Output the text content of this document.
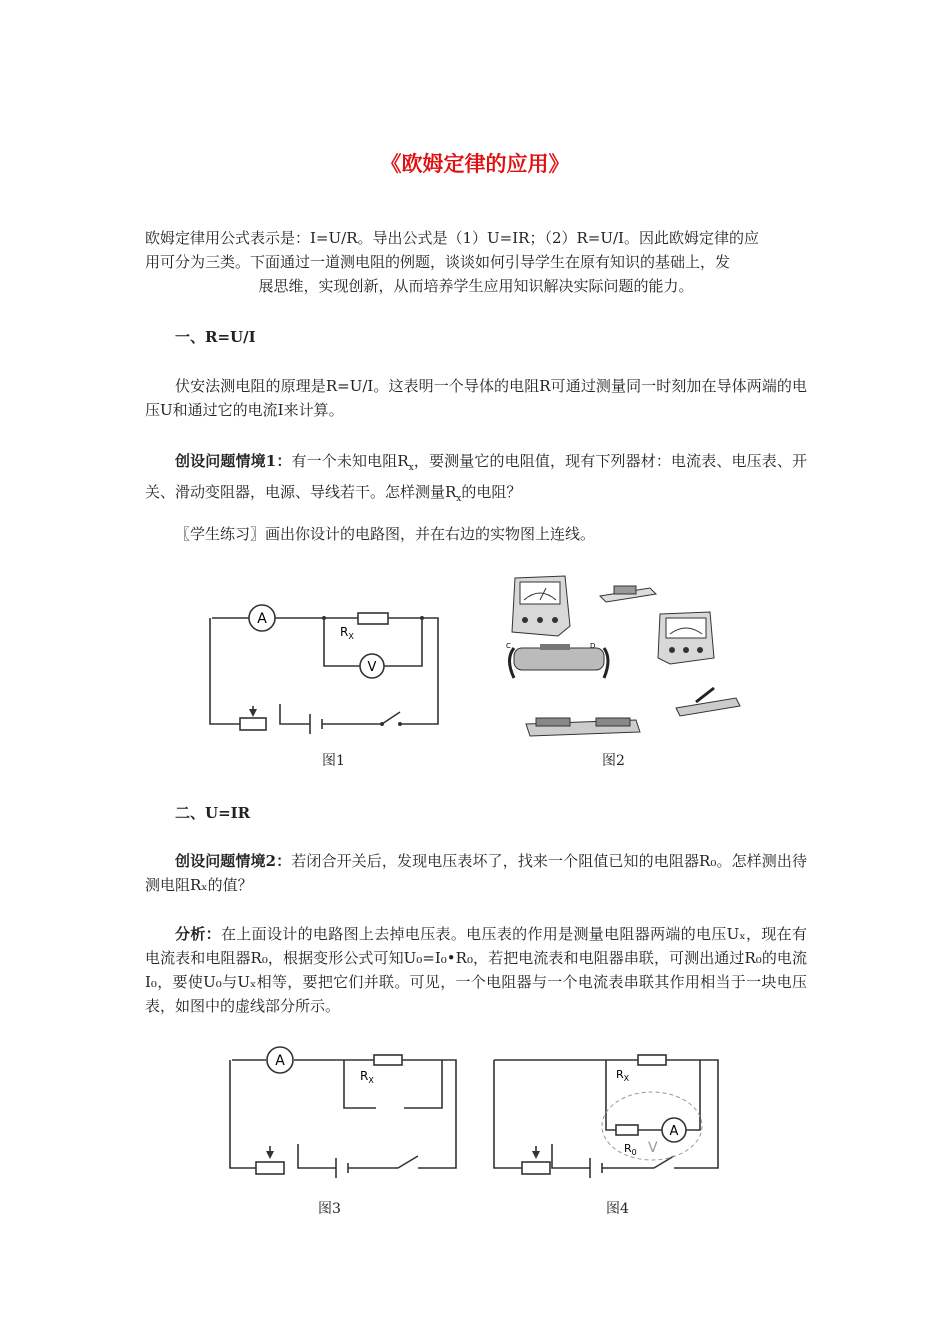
《欧姆定律的应用》
欧姆定律用公式表示是：I=U/R。导出公式是（1）U=IR；（2）R=U/I。因此欧姆定律的应
用可分为三类。下面通过一道测电阻的例题，谈谈如何引导学生在原有知识的基础上，发
展思维，实现创新，从而培养学生应用知识解决实际问题的能力。
一、R=U/I
伏安法测电阻的原理是R=U/I。这表明一个导体的电阻R可通过测量同一时刻加在导体两端的电压U和通过它的电流I来计算。
创设问题情境1：有一个未知电阻$R_x$，要测量它的电阻值，现有下列器材：电流表、电压表、开关、滑动变阻器，电源、导线若干。怎样测量$R_x$的电阻？
〖学生练习〗画出你设计的电路图，并在右边的实物图上连线。
A
V
$R_X$
C	D
图1	图2
二、U=IR
创设问题情境2：若闭合开关后，发现电压表坏了，找来一个阻值已知的电阻器R₀。怎样测出待测电阻Rₓ的值？
分析：在上面设计的电路图上去掉电压表。电压表的作用是测量电阻器两端的电压Uₓ，现在有电流表和电阻器R₀，根据变形公式可知U₀=I₀•R₀，若把电流表和电阻器串联，可测出通过R₀的电流I₀，要使U₀与Uₓ相等，要把它们并联。可见，一个电阻器与一个电流表串联其作用相当于一块电压表，如图中的虚线部分所示。
A
$R_X$
A
$R_X$
$R_0$ V
图3	图4
